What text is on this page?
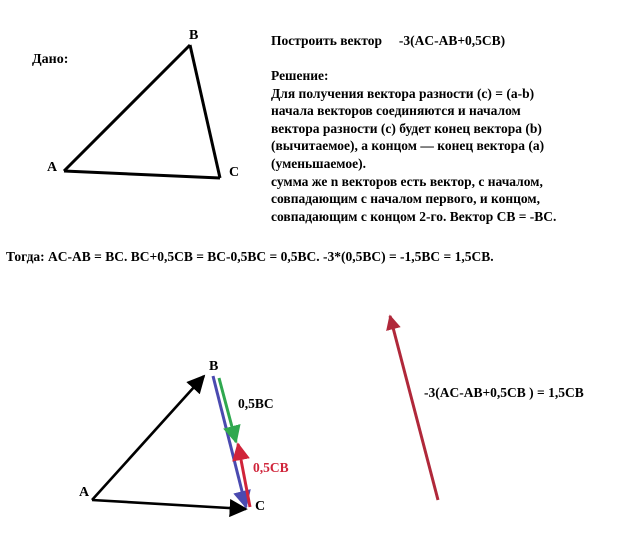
Дано:
B
A	C
Построить вектор     -3(AC-AB+0,5CB)
Решение:
Для получения вектора разности (c) = (a-b)
начала векторов соединяются и началом
вектора разности (c) будет конец вектора (b)
(вычитаемое), а концом — конец вектора (a)
(уменьшаемое).
сумма же n векторов есть вектор, с началом,
совпадающим с началом первого, и концом,
совпадающим с концом 2-го. Вектор CB = -BC.
Тогда: AC-AB = BC. BC+0,5CB = BC-0,5BC = 0,5BC. -3*(0,5BC) = -1,5BC = 1,5CB.
B
A
C
0,5BC
0,5CB
-3(AC-AB+0,5CB ) = 1,5CB
